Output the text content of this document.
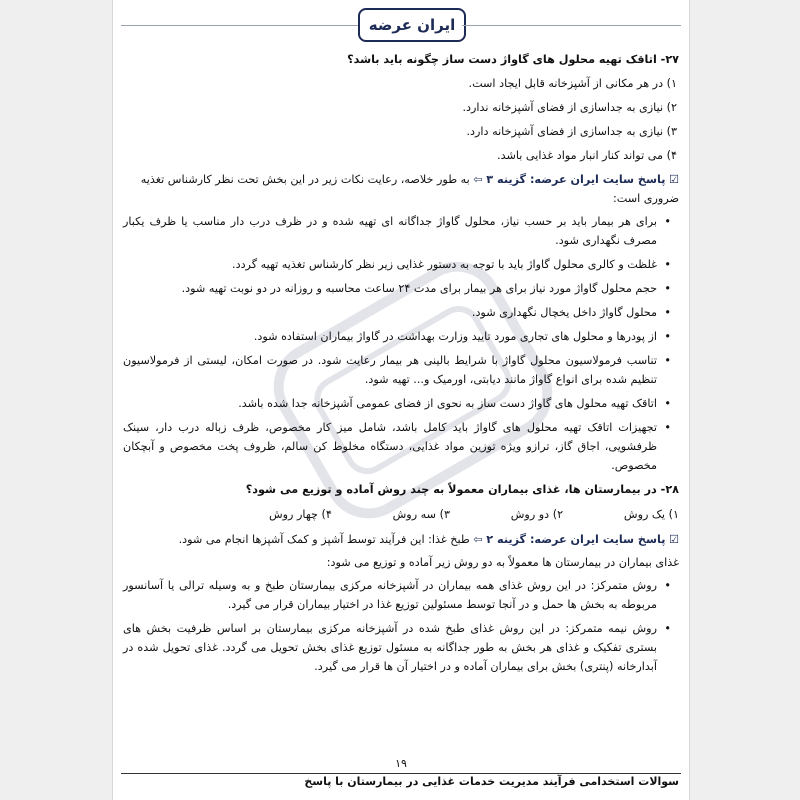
ایران عرضه
۲۷- اتاقک تهیه محلول های گاواژ دست ساز چگونه باید باشد؟
۱) در هر مکانی از آشپزخانه قابل ایجاد است.
۲) نیازی به جداسازی از فضای آشپزخانه ندارد.
۳) نیازی به جداسازی از فضای آشپزخانه دارد.
۴) می تواند کنار انبار مواد غذایی باشد.
☑ پاسخ سایت ایران عرضه: گزینه ۳ ⇦ به طور خلاصه، رعایت نکات زیر در این بخش تحت نظر کارشناس تغذیه ضروری است:
• برای هر بیمار باید بر حسب نیاز، محلول گاواژ جداگانه ای تهیه شده و در ظرف درب دار مناسب یا ظرف یکبار مصرف نگهداری شود.
• غلظت و کالری محلول گاواژ باید با توجه به دستور غذایی زیر نظر کارشناس تغذیه تهیه گردد.
• حجم محلول گاواژ مورد نیاز برای هر بیمار برای مدت ۲۴ ساعت محاسبه و روزانه در دو نوبت تهیه شود.
• محلول گاواژ داخل یخچال نگهداری شود.
• از پودرها و محلول های تجاری مورد تایید وزارت بهداشت در گاواژ بیماران استفاده شود.
• تناسب فرمولاسیون محلول گاواژ با شرایط بالینی هر بیمار رعایت شود. در صورت امکان، لیستی از فرمولاسیون تنظیم شده برای انواع گاواژ مانند دیابتی، اورمیک و... تهیه شود.
• اتاقک تهیه محلول های گاواژ دست ساز به نحوی از فضای عمومی آشپزخانه جدا شده باشد.
• تجهیزات اتاقک تهیه محلول های گاواژ باید کامل باشد، شامل میز کار مخصوص، ظرف زباله درب دار، سینک ظرفشویی، اجاق گاز، ترازو ویژه توزین مواد غذایی، دستگاه مخلوط کن سالم، ظروف پخت مخصوص و آبچکان مخصوص.
۲۸- در بیمارستان ها، غذای بیماران معمولاً به چند روش آماده و توزیع می شود؟
۱) یک روش
۲) دو روش
۳) سه روش
۴) چهار روش
☑ پاسخ سایت ایران عرضه: گزینه ۲ ⇦ طبخ غذا: این فرآیند توسط آشپز و کمک آشپزها انجام می شود.
غذای بیماران در بیمارستان ها معمولاً به دو روش زیر آماده و توزیع می شود:
• روش متمرکز: در این روش غذای همه بیماران در آشپزخانه مرکزی بیمارستان طبخ و به وسیله ترالی یا آسانسور مربوطه به بخش ها حمل و در آنجا توسط مسئولین توزیع غذا در اختیار بیماران قرار می گیرد.
• روش نیمه متمرکز: در این روش غذای طبخ شده در آشپزخانه مرکزی بیمارستان بر اساس ظرفیت بخش های بستری تفکیک و غذای هر بخش به طور جداگانه به مسئول توزیع غذای بخش تحویل می گردد. غذای تحویل شده در آبدارخانه (پنتری) بخش برای بیماران آماده و در اختیار آن ها قرار می گیرد.
۱۹
سوالات استخدامی فرآیند مدیریت خدمات غذایی در بیمارستان با پاسخ
